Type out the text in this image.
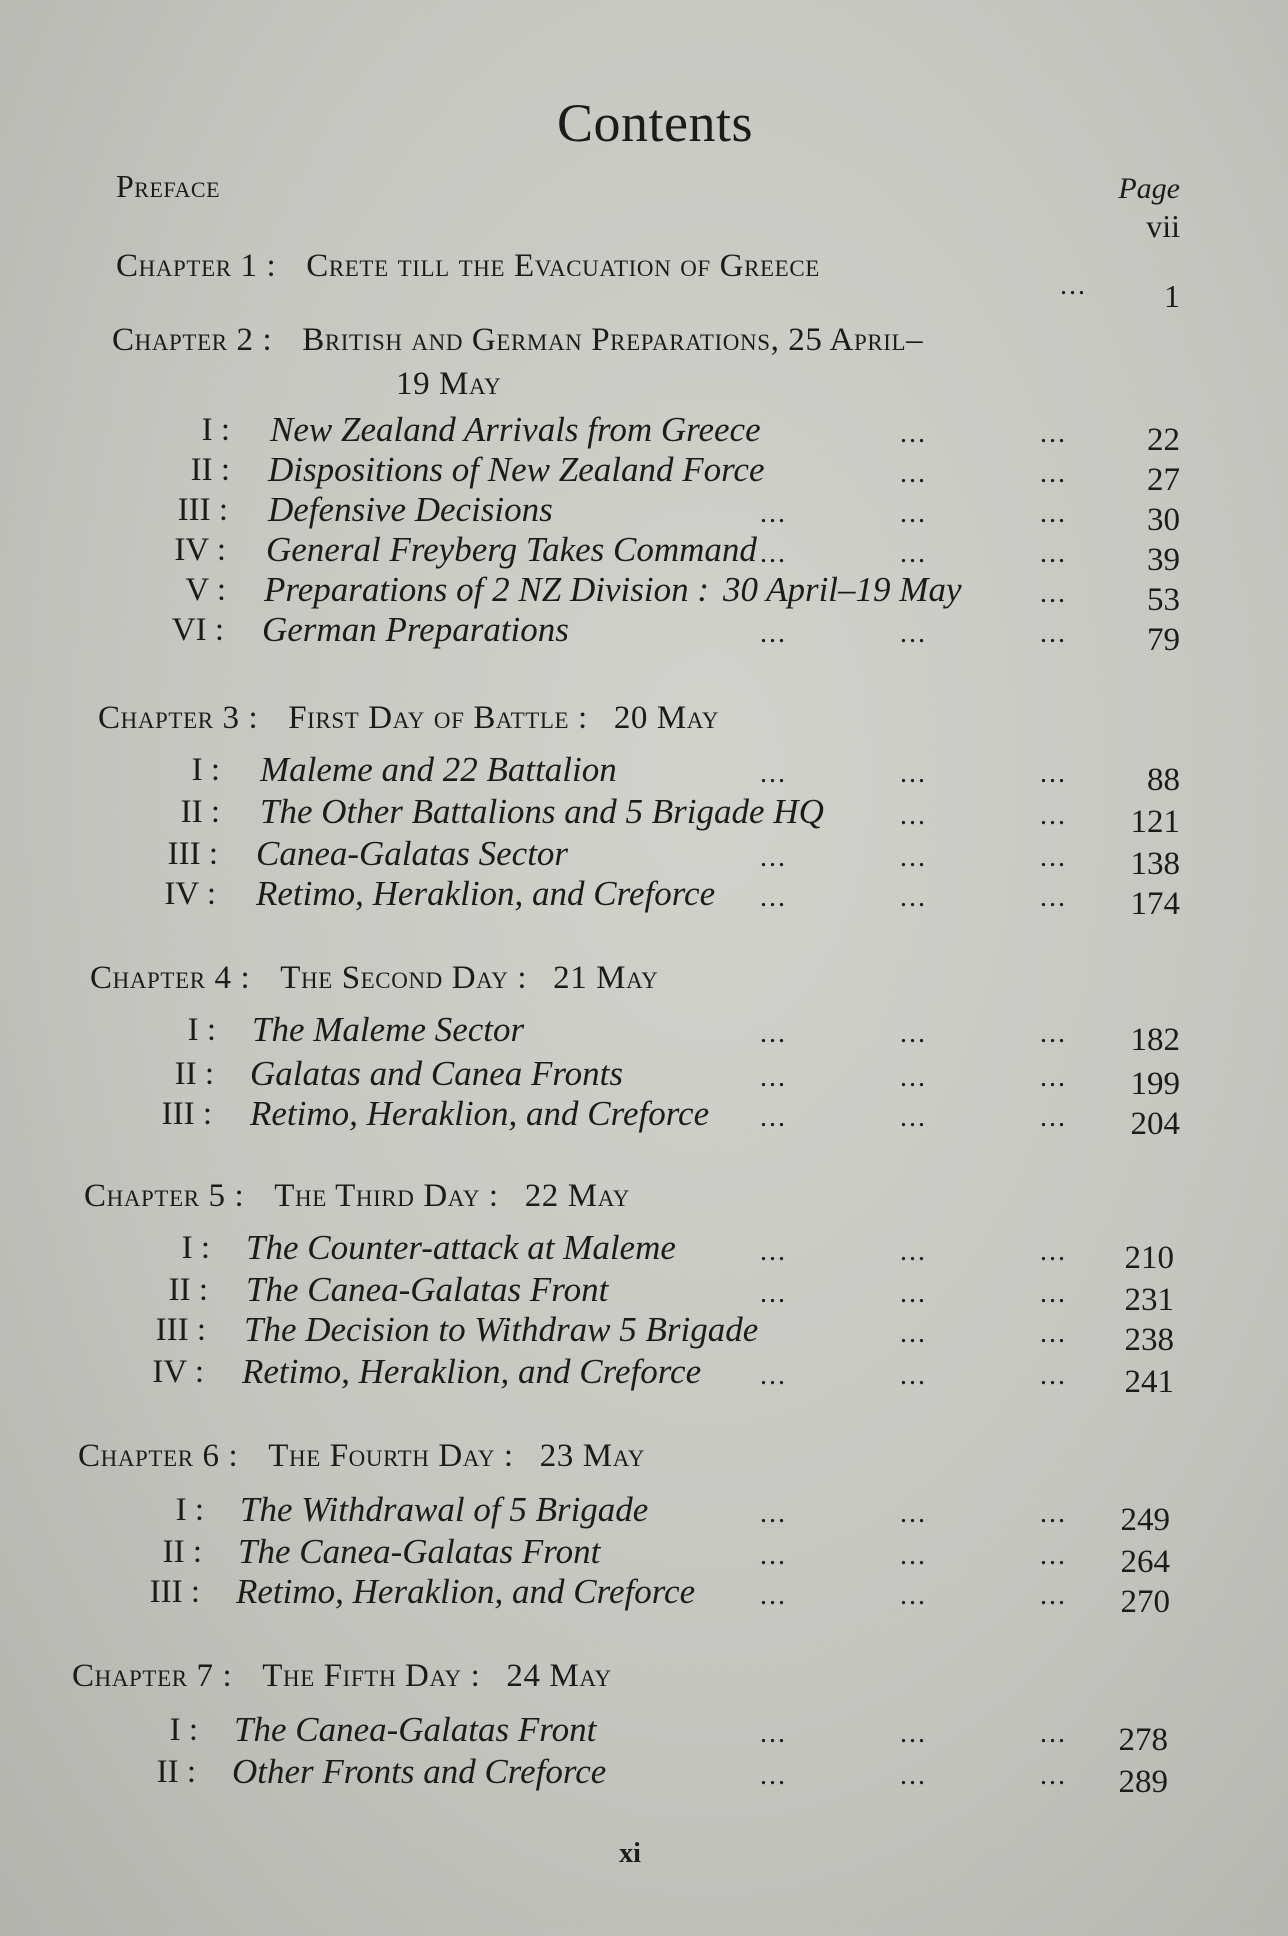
Contents
Preface	Page
vii
Chapter 1 : Crete till the Evacuation of Greece
...	1
Chapter 2 : British and German Preparations, 25 April–
19 May
I : New Zealand Arrivals from Greece	...	...	22
II : Dispositions of New Zealand Force	...	...	27
III : Defensive Decisions	...	...	...	30
IV : General Freyberg Takes Command ...	...	...	39
V : Preparations of 2 NZ Division : 30 April–19 May	...	53
VI : German Preparations	...	...	...	79
Chapter 3 : First Day of Battle : 20 May
I : Maleme and 22 Battalion	...	...	...	88
II : The Other Battalions and 5 Brigade HQ	...	...	121
III : Canea-Galatas Sector	...	...	...	138
IV : Retimo, Heraklion, and Creforce ...	...	...	174
Chapter 4 : The Second Day : 21 May
I : The Maleme Sector	...	...	...	182
II : Galatas and Canea Fronts	...	...	...	199
III : Retimo, Heraklion, and Creforce ...	...	...	204
Chapter 5 : The Third Day : 22 May
I : The Counter-attack at Maleme	...	...	...	210
II : The Canea-Galatas Front	...	...	...	231
III : The Decision to Withdraw 5 Brigade	...	...	238
IV : Retimo, Heraklion, and Creforce ...	...	...	241
Chapter 6 : The Fourth Day : 23 May
I : The Withdrawal of 5 Brigade	...	...	...	249
II : The Canea-Galatas Front	...	...	...	264
III : Retimo, Heraklion, and Creforce ...	...	...	270
Chapter 7 : The Fifth Day : 24 May
I : The Canea-Galatas Front	...	...	...	278
II : Other Fronts and Creforce	...	...	...	289
xi
